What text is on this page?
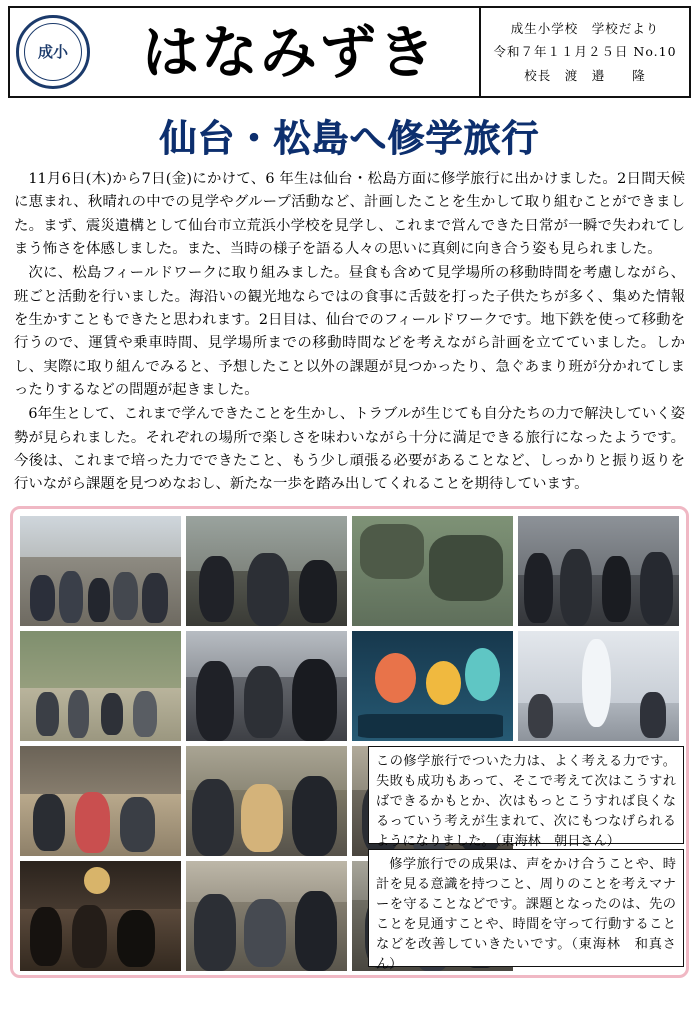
成小 はなみずき	成生小学校　学校だより
令和７年１１月２５日 No.10
校長　渡　邉　　隆
仙台・松島へ修学旅行

11月6日(木)から7日(金)にかけて、6 年生は仙台・松島方面に修学旅行に出かけました。2日間天候に恵まれ、秋晴れの中での見学やグループ活動など、計画したことを生かして取り組むことができました。まず、震災遺構として仙台市立荒浜小学校を見学し、これまで営んできた日常が一瞬で失われてしまう怖さを体感しました。また、当時の様子を語る人々の思いに真剣に向き合う姿も見られました。

次に、松島フィールドワークに取り組みました。昼食も含めて見学場所の移動時間を考慮しながら、班ごと活動を行いました。海沿いの観光地ならではの食事に舌鼓を打った子供たちが多く、集めた情報を生かすこともできたと思われます。2日目は、仙台でのフィールドワークです。地下鉄を使って移動を行うので、運賃や乗車時間、見学場所までの移動時間などを考えながら計画を立てていました。しかし、実際に取り組んでみると、予想したこと以外の課題が見つかったり、急ぐあまり班が分かれてしまったりするなどの問題が起きました。

6年生として、これまで学んできたことを生かし、トラブルが生じても自分たちの力で解決していく姿勢が見られました。それぞれの場所で楽しさを味わいながら十分に満足できる旅行になったようです。今後は、これまで培った力でできたこと、もう少し頑張る必要があることなど、しっかりと振り返りを行いながら課題を見つめなおし、新たな一歩を踏み出してくれることを期待しています。

この修学旅行でついた力は、よく考える力です。失敗も成功もあって、そこで考えて次はこうすればできるかもとか、次はもっとこうすれば良くなるっていう考えが生まれて、次にもつなげられるようになりました。（東海林　朝日さん）

修学旅行での成果は、声をかけ合うことや、時計を見る意識を持つこと、周りのことを考えマナーを守ることなどです。課題となったのは、先のことを見通すことや、時間を守って行動することなどを改善していきたいです。（東海林　和真さん）
